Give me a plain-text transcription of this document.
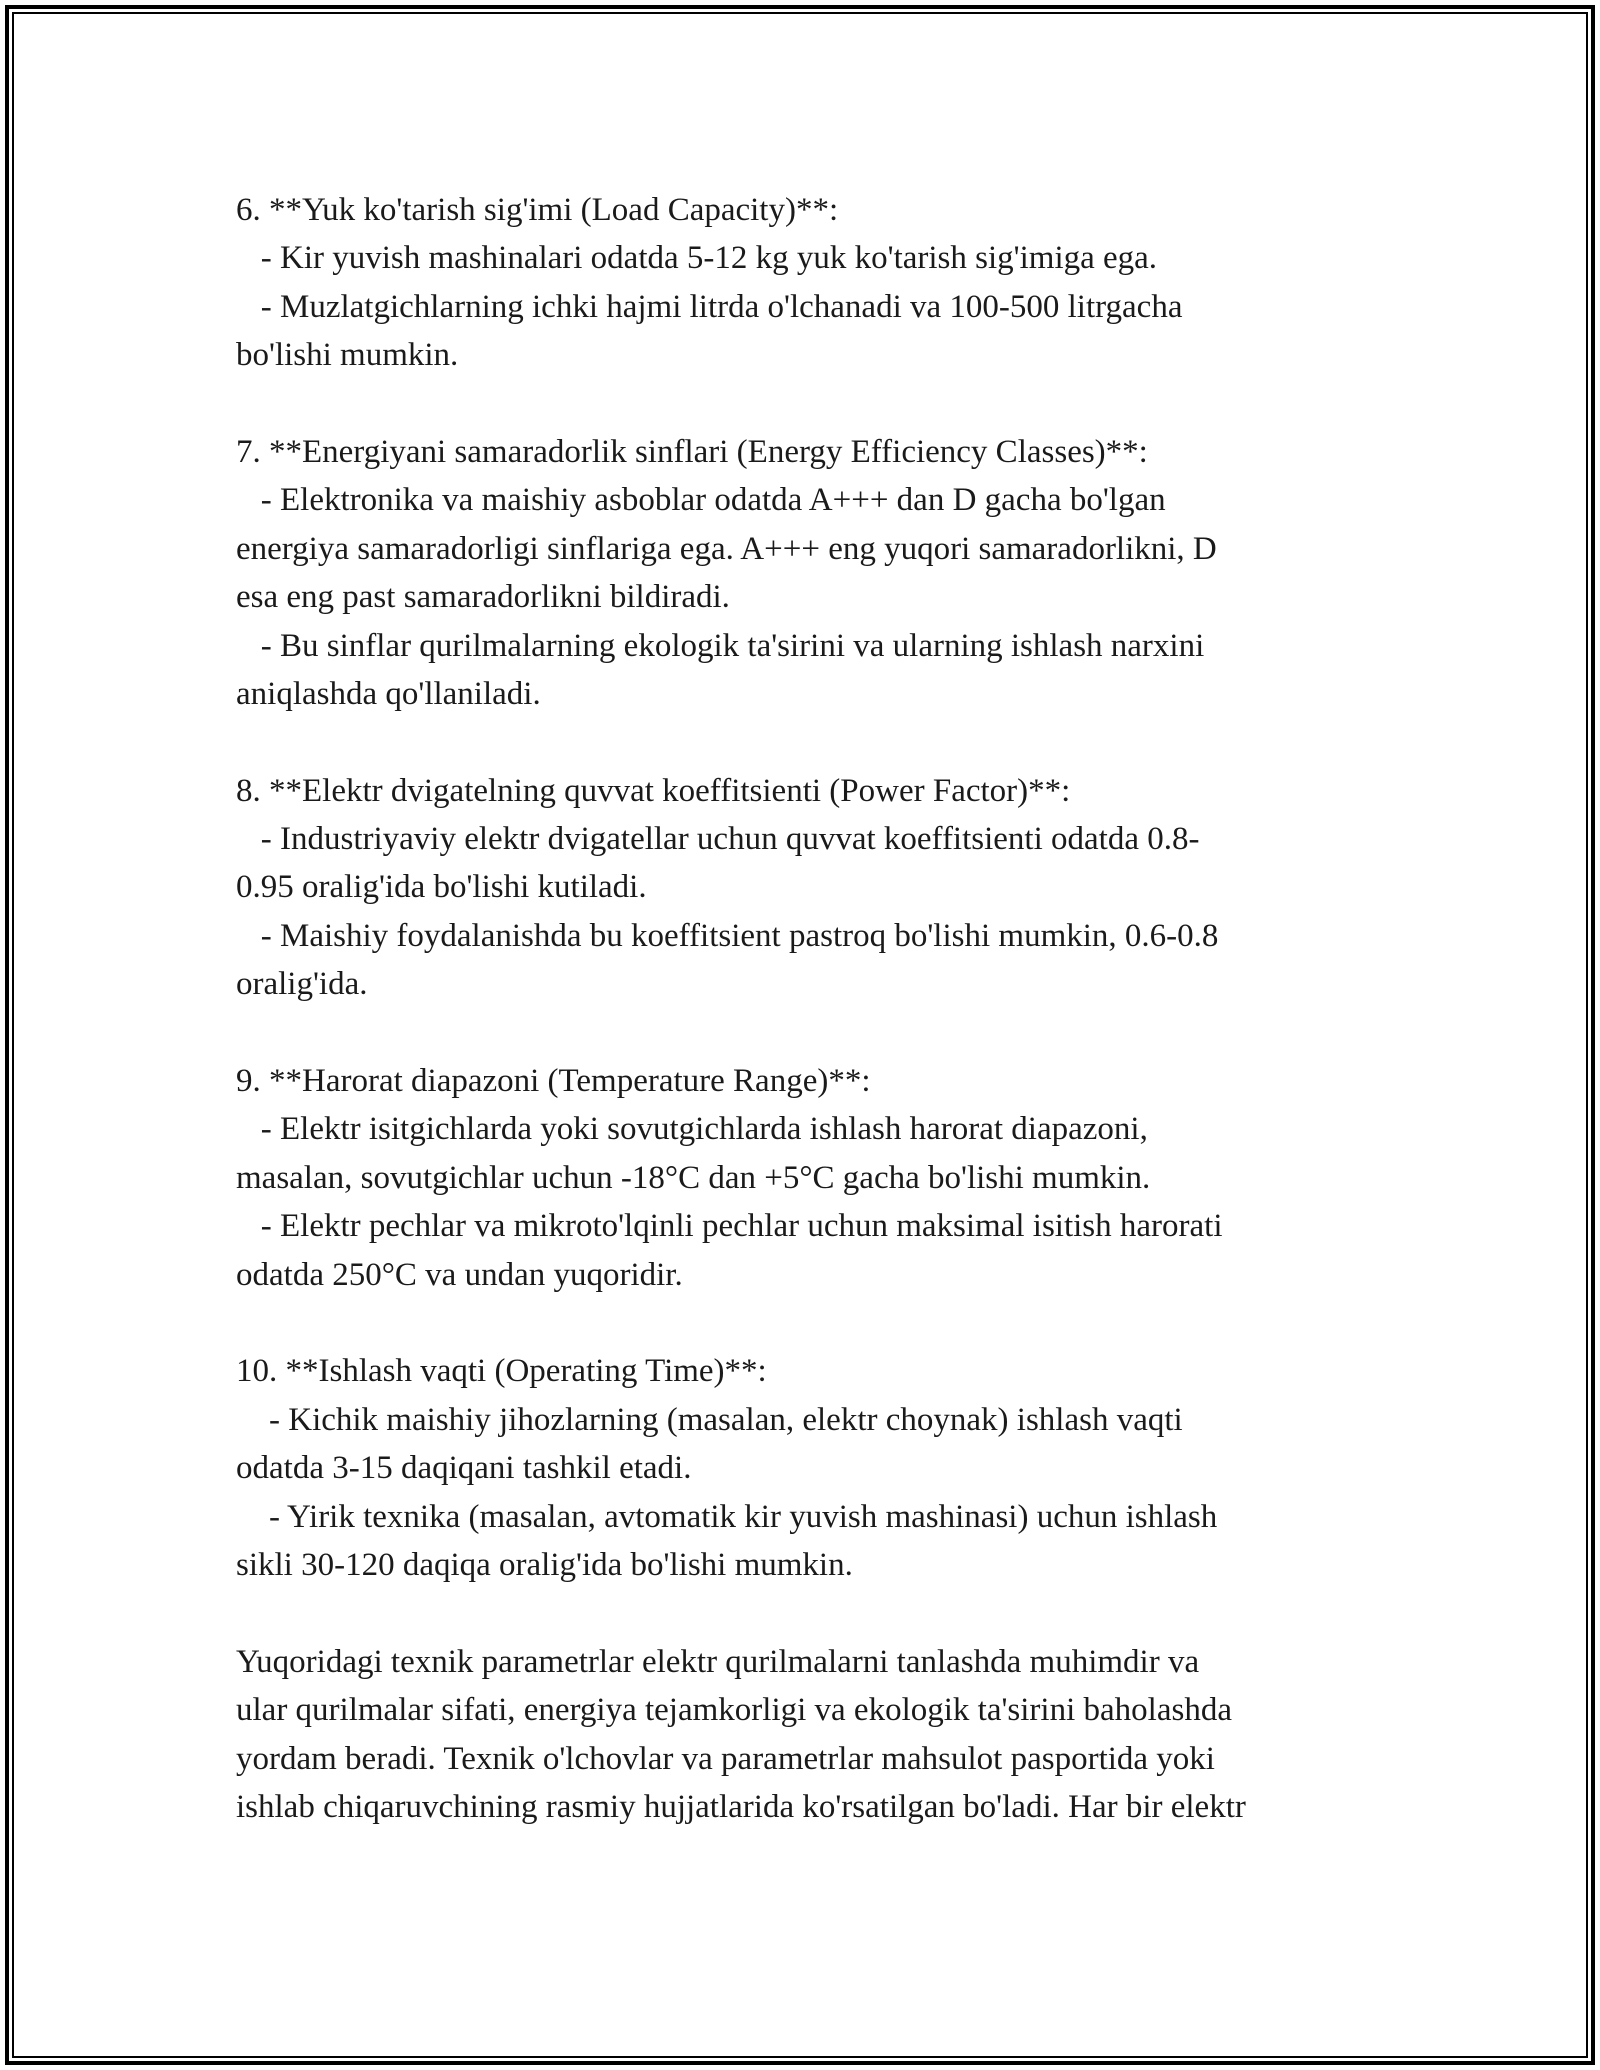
6. **Yuk ko'tarish sig'imi (Load Capacity)**:
- Kir yuvish mashinalari odatda 5-12 kg yuk ko'tarish sig'imiga ega.
- Muzlatgichlarning ichki hajmi litrda o'lchanadi va 100-500 litrgacha
bo'lishi mumkin.
7. **Energiyani samaradorlik sinflari (Energy Efficiency Classes)**:
- Elektronika va maishiy asboblar odatda A+++ dan D gacha bo'lgan
energiya samaradorligi sinflariga ega. A+++ eng yuqori samaradorlikni, D
esa eng past samaradorlikni bildiradi.
- Bu sinflar qurilmalarning ekologik ta'sirini va ularning ishlash narxini
aniqlashda qo'llaniladi.
8. **Elektr dvigatelning quvvat koeffitsienti (Power Factor)**:
- Industriyaviy elektr dvigatellar uchun quvvat koeffitsienti odatda 0.8-
0.95 oralig'ida bo'lishi kutiladi.
- Maishiy foydalanishda bu koeffitsient pastroq bo'lishi mumkin, 0.6-0.8
oralig'ida.
9. **Harorat diapazoni (Temperature Range)**:
- Elektr isitgichlarda yoki sovutgichlarda ishlash harorat diapazoni,
masalan, sovutgichlar uchun -18°C dan +5°C gacha bo'lishi mumkin.
- Elektr pechlar va mikroto'lqinli pechlar uchun maksimal isitish harorati
odatda 250°C va undan yuqoridir.
10. **Ishlash vaqti (Operating Time)**:
- Kichik maishiy jihozlarning (masalan, elektr choynak) ishlash vaqti
odatda 3-15 daqiqani tashkil etadi.
- Yirik texnika (masalan, avtomatik kir yuvish mashinasi) uchun ishlash
sikli 30-120 daqiqa oralig'ida bo'lishi mumkin.
Yuqoridagi texnik parametrlar elektr qurilmalarni tanlashda muhimdir va
ular qurilmalar sifati, energiya tejamkorligi va ekologik ta'sirini baholashda
yordam beradi. Texnik o'lchovlar va parametrlar mahsulot pasportida yoki
ishlab chiqaruvchining rasmiy hujjatlarida ko'rsatilgan bo'ladi. Har bir elektr
